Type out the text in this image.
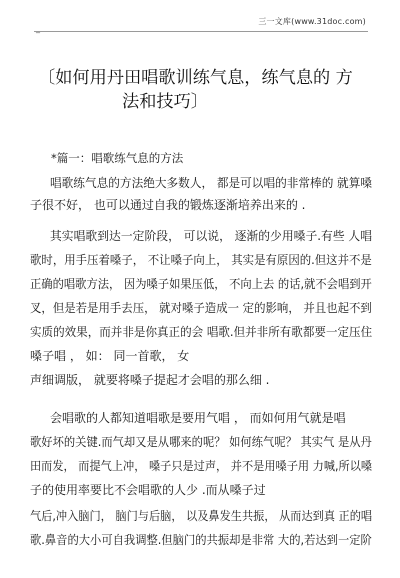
_
三一文库(www.31doc.com)
〔如何用丹田唱歌训练气息，练气息的 方
法和技巧〕
*篇一：唱歌练气息的方法
唱歌练气息的方法绝大多数人， 都是可以唱的非常棒的 就算嗓
子很不好， 也可以通过自我的锻炼逐渐培养出来的 .
其实唱歌到达一定阶段， 可以说， 逐渐的少用嗓子.有些 人唱
歌时，用手压着嗓子， 不让嗓子向上， 其实是有原因的.但这并不是
正确的唱歌方法， 因为嗓子如果压低， 不向上去 的话,就不会唱到开
叉，但是若是用手去压， 就对嗓子造成一 定的影响， 并且也起不到
实质的效果，而并非是你真正的会 唱歌.但并非所有歌都要一定压住
嗓子唱 ， 如： 同一首歌， 女
声细调版， 就要将嗓子提起才会唱的那么细 .
会唱歌的人都知道唱歌是要用气唱 ， 而如何用气就是唱
歌好坏的关键.而气却又是从哪来的呢？ 如何练气呢？ 其实气 是从丹
田而发， 而提气上冲， 嗓子只是过声， 并不是用嗓子用 力喊,所以嗓
子的使用率要比不会唱歌的人少 .而从嗓子过
气后,冲入脑门， 脑门与后脑， 以及鼻发生共振， 从而达到真 正的唱
歌.鼻音的大小可自我调整.但脑门的共振却是非常 大的,若达到一定阶
